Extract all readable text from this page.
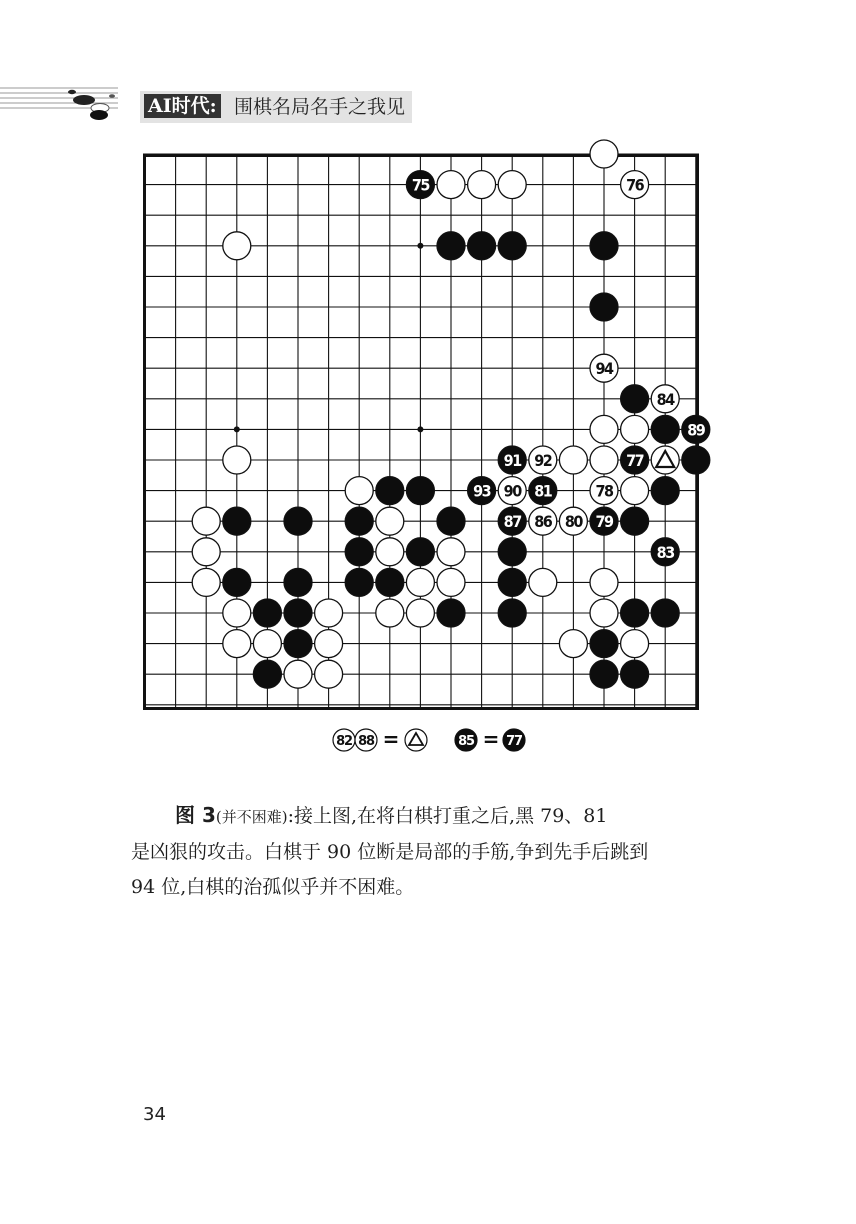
AI时代: 围棋名局名手之我见
75	76
77
78
79
80
81
83
84
86
87
89
90
91 92
93
94
82 88 =	85 = 77

图 3(并不困难):接上图,在将白棋打重之后,黑 79、81

是凶狠的攻击。白棋于 90 位断是局部的手筋,争到先手后跳到

94 位,白棋的治孤似乎并不困难。

34
